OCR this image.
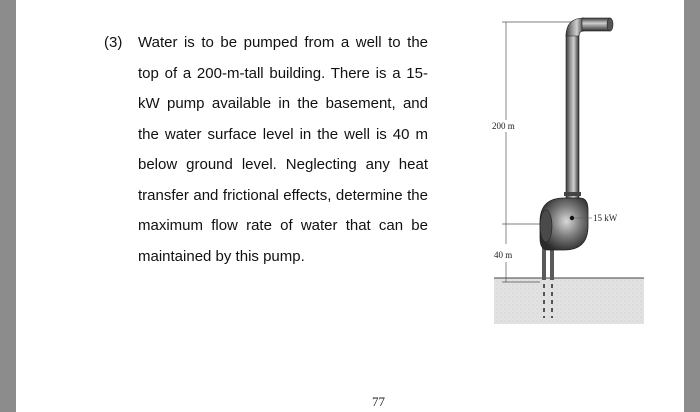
(3) Water is to be pumped from a well to the top of a 200-m-tall building. There is a 15-kW pump available in the basement, and the water surface level in the well is 40 m below ground level. Neglecting any heat transfer and frictional effects, determine the maximum flow rate of water that can be maintained by this pump.
200 m
40 m
15 kW
77
